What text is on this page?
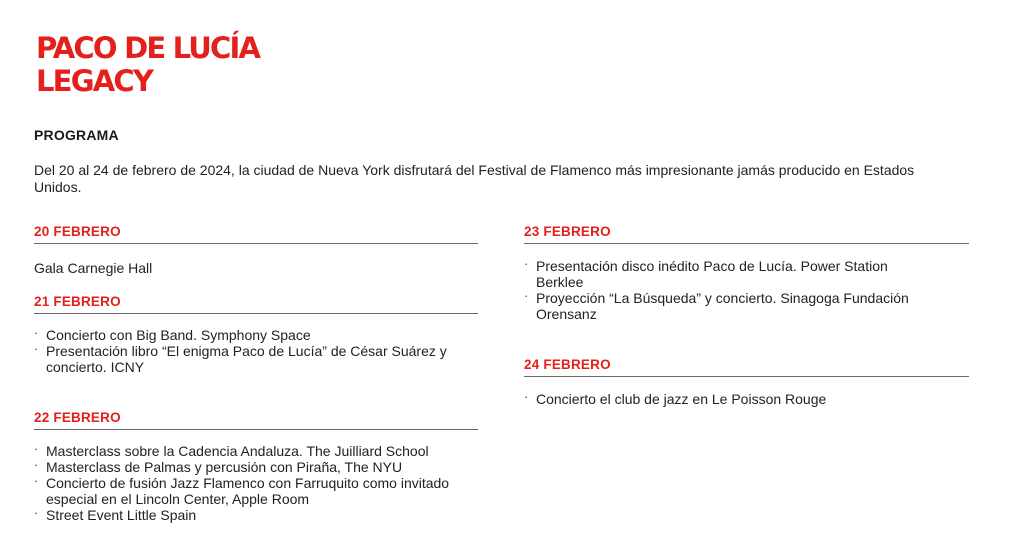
PACO DE LUCÍA
LEGACY
PROGRAMA

Del 20 al 24 de febrero de 2024, la ciudad de Nueva York disfrutará del Festival de Flamenco más impresionante jamás producido en Estados Unidos.

20 FEBRERO
Gala Carnegie Hall
21 FEBRERO
· Concierto con Big Band. Symphony Space
· Presentación libro “El enigma Paco de Lucía” de César Suárez y concierto. ICNY
22 FEBRERO
· Masterclass sobre la Cadencia Andaluza. The Juilliard School
· Masterclass de Palmas y percusión con Piraña, The NYU
· Concierto de fusión Jazz Flamenco con Farruquito como invitado especial en el Lincoln Center, Apple Room
· Street Event Little Spain
23 FEBRERO
· Presentación disco inédito Paco de Lucía. Power Station Berklee
· Proyección “La Búsqueda” y concierto. Sinagoga Fundación Orensanz
24 FEBRERO
· Concierto el club de jazz en Le Poisson Rouge
